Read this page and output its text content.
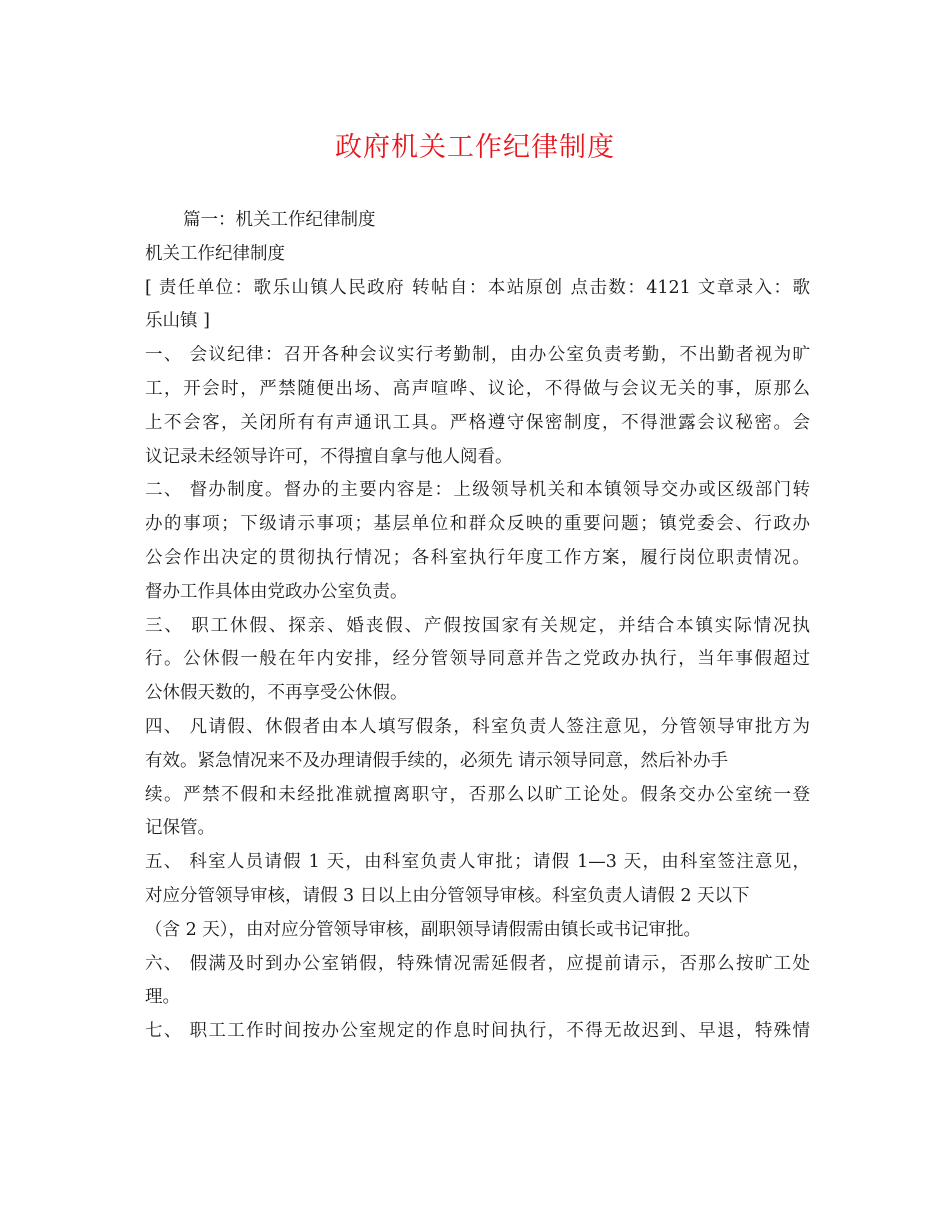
政府机关工作纪律制度
篇一：机关工作纪律制度
机关工作纪律制度
[ 责任单位：歌乐山镇人民政府 转帖自：本站原创 点击数：4121 文章录入：歌
乐山镇 ]
一、 会议纪律：召开各种会议实行考勤制，由办公室负责考勤，不出勤者视为旷
工，开会时，严禁随便出场、高声喧哗、议论，不得做与会议无关的事，原那么
上不会客，关闭所有有声通讯工具。严格遵守保密制度，不得泄露会议秘密。会
议记录未经领导许可，不得擅自拿与他人阅看。
二、 督办制度。督办的主要内容是：上级领导机关和本镇领导交办或区级部门转
办的事项；下级请示事项；基层单位和群众反映的重要问题；镇党委会、行政办
公会作出决定的贯彻执行情况；各科室执行年度工作方案，履行岗位职责情况。
督办工作具体由党政办公室负责。
三、 职工休假、探亲、婚丧假、产假按国家有关规定，并结合本镇实际情况执
行。公休假一般在年内安排，经分管领导同意并告之党政办执行，当年事假超过
公休假天数的，不再享受公休假。
四、 凡请假、休假者由本人填写假条，科室负责人签注意见，分管领导审批方为
有效。紧急情况来不及办理请假手续的，必须先 请示领导同意，然后补办手
续。严禁不假和未经批准就擅离职守，否那么以旷工论处。假条交办公室统一登
记保管。
五、 科室人员请假 1 天，由科室负责人审批；请假 1—3 天，由科室签注意见，
对应分管领导审核，请假 3 日以上由分管领导审核。科室负责人请假 2 天以下
（含 2 天），由对应分管领导审核，副职领导请假需由镇长或书记审批。
六、 假满及时到办公室销假，特殊情况需延假者，应提前请示，否那么按旷工处
理。
七、 职工工作时间按办公室规定的作息时间执行，不得无故迟到、早退，特殊情
